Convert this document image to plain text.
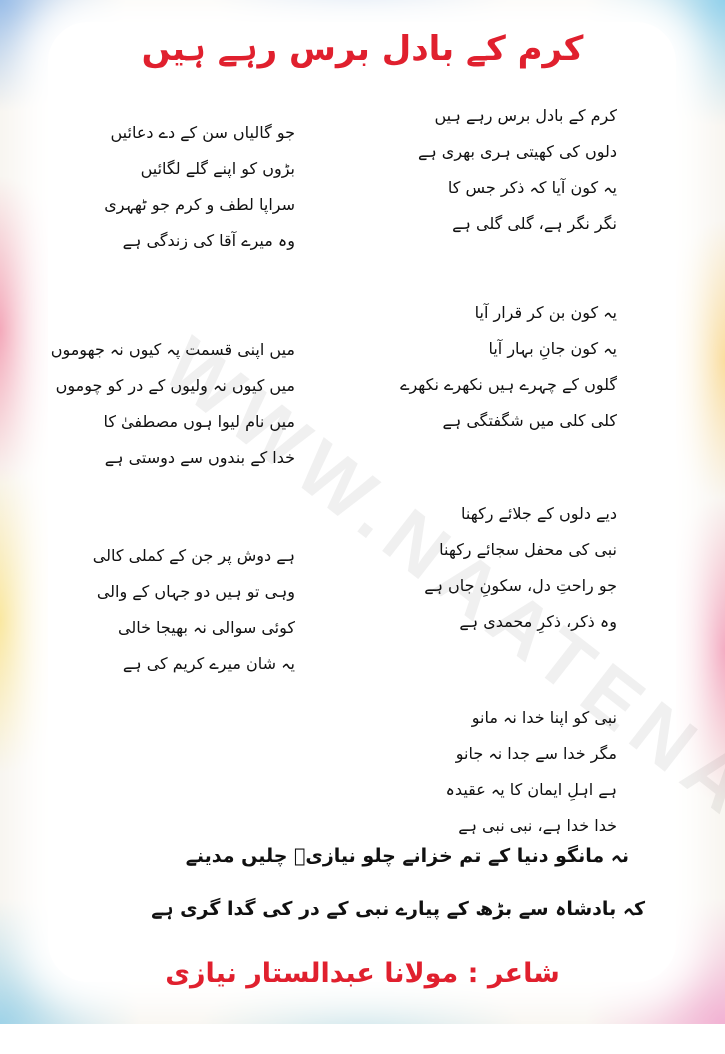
کرم کے بادل برس رہے ہیں
کرم کے بادل برس رہے ہیں
دلوں کی کھیتی ہری بھری ہے
یہ کون آیا کہ ذکر جس کا
نگر نگر ہے، گلی گلی ہے
یہ کون بن کر قرار آیا
یہ کون جانِ بہار آیا
گلوں کے چہرے ہیں نکھرے نکھرے
کلی کلی میں شگفتگی ہے
دیے دلوں کے جلائے رکھنا
نبی کی محفل سجائے رکھنا
جو راحتِ دل، سکونِ جاں ہے
وہ ذکر، ذکرِ محمدی ہے
نبی کو اپنا خدا نہ مانو
مگر خدا سے جدا نہ جانو
ہے اہلِ ایمان کا یہ عقیدہ
خدا خدا ہے، نبی نبی ہے
جو گالیاں سن کے دے دعائیں
بڑوں کو اپنے گلے لگائیں
سراپا لطف و کرم جو ٹھہری
وہ میرے آقا کی زندگی ہے
میں اپنی قسمت پہ کیوں نہ جھوموں
میں کیوں نہ ولیوں کے در کو چوموں
میں نام لیوا ہوں مصطفیٰ کا
خدا کے بندوں سے دوستی ہے
ہے دوش پر جن کے کملی کالی
وہی تو ہیں دو جہاں کے والی
کوئی سوالی نہ بھیجا خالی
یہ شان میرے کریم کی ہے
نہ مانگو دنیا کے تم خزانے چلو نیازیؔ چلیں مدینے
کہ بادشاہ سے بڑھ کے پیارے نبی کے در کی گدا گری ہے
شاعر : مولانا عبدالستار نیازی
